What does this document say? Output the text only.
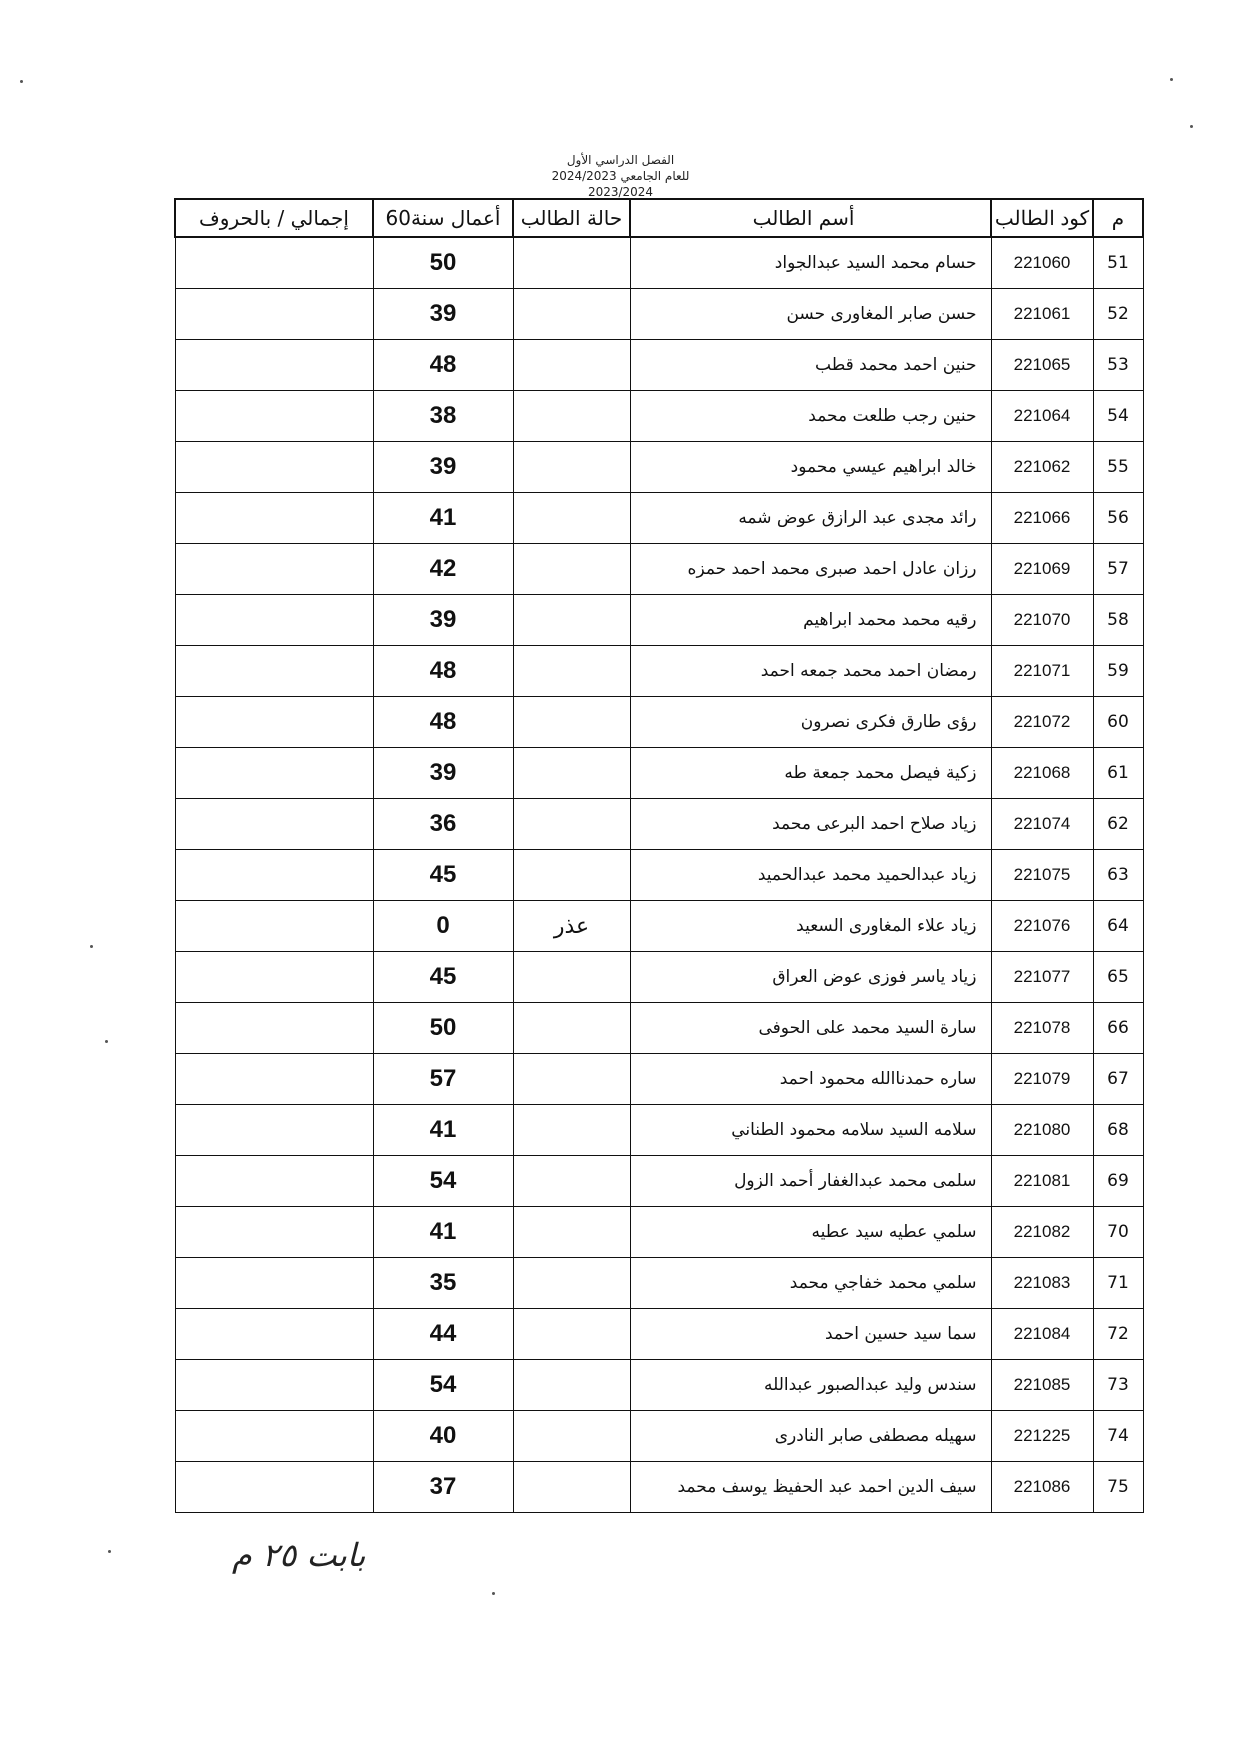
الفصل الدراسي الأول
2023/2024
م	كود الطالب	أسم الطالب	حالة الطالب	أعمال سنة60	إجمالي / بالحروف
51	221060	حسام محمد السيد عبدالجواد		50	
52	221061	حسن صابر المغاورى حسن		39	
53	221065	حنين احمد محمد قطب		48	
54	221064	حنين رجب طلعت محمد		38	
55	221062	خالد ابراهيم عيسي محمود		39	
56	221066	رائد مجدى عبد الرازق عوض شمه		41	
57	221069	رزان عادل احمد صبرى محمد احمد حمزه		42	
58	221070	رقيه محمد محمد ابراهيم		39	
59	221071	رمضان احمد محمد جمعه احمد		48	
60	221072	رؤى طارق فكرى نصرون		48	
61	221068	زكية فيصل محمد جمعة طه		39	
62	221074	زياد صلاح احمد البرعى محمد		36	
63	221075	زياد عبدالحميد محمد عبدالحميد		45	
64	221076	زياد علاء المغاورى السعيد	عذر	0	
65	221077	زياد ياسر فوزى عوض العراق		45	
66	221078	سارة السيد محمد على الحوفى		50	
67	221079	ساره حمدناالله محمود احمد		57	
68	221080	سلامه السيد سلامه محمود الطناني		41	
69	221081	سلمى محمد عبدالغفار أحمد الزول		54	
70	221082	سلمي عطيه سيد عطيه		41	
71	221083	سلمي محمد خفاجي محمد		35	
72	221084	سما سيد حسين احمد		44	
73	221085	سندس وليد عبدالصبور عبدالله		54	
74	221225	سهيله مصطفى صابر النادرى		40	
75	221086	سيف الدين احمد عبد الحفيظ يوسف محمد		37	
بابت ٢٥ م
للعام الجامعي 2024/2023
